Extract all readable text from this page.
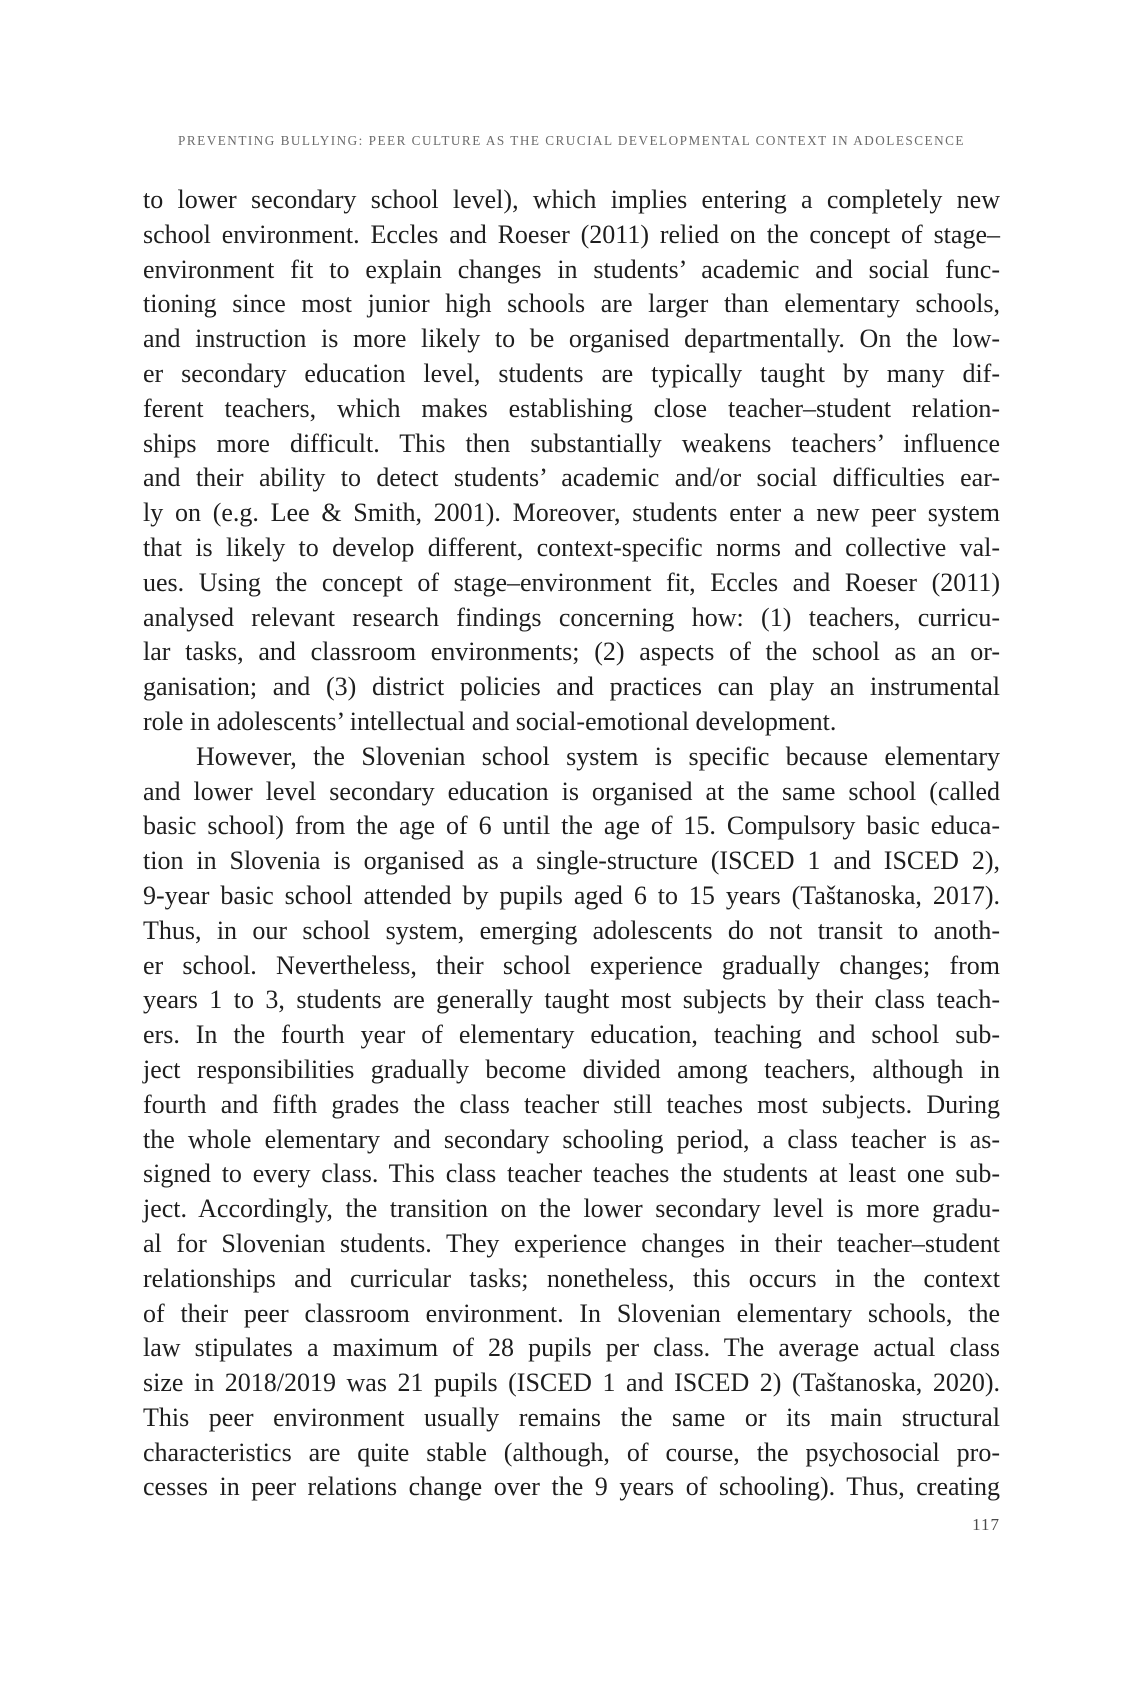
PREVENTING BULLYING: PEER CULTURE AS THE CRUCIAL DEVELOPMENTAL CONTEXT IN ADOLESCENCE
to lower secondary school level), which implies entering a completely new
school environment. Eccles and Roeser (2011) relied on the concept of stage–
environment fit to explain changes in students’ academic and social func-
tioning since most junior high schools are larger than elementary schools,
and instruction is more likely to be organised departmentally. On the low-
er secondary education level, students are typically taught by many dif-
ferent teachers, which makes establishing close teacher–student relation-
ships more difficult. This then substantially weakens teachers’ influence
and their ability to detect students’ academic and/or social difficulties ear-
ly on (e.g. Lee & Smith, 2001). Moreover, students enter a new peer system
that is likely to develop different, context-specific norms and collective val-
ues. Using the concept of stage–environment fit, Eccles and Roeser (2011)
analysed relevant research findings concerning how: (1) teachers, curricu-
lar tasks, and classroom environments; (2) aspects of the school as an or-
ganisation; and (3) district policies and practices can play an instrumental
role in adolescents’ intellectual and social-emotional development.
However, the Slovenian school system is specific because elementary
and lower level secondary education is organised at the same school (called
basic school) from the age of 6 until the age of 15. Compulsory basic educa-
tion in Slovenia is organised as a single-structure (ISCED 1 and ISCED 2),
9-year basic school attended by pupils aged 6 to 15 years (Taštanoska, 2017).
Thus, in our school system, emerging adolescents do not transit to anoth-
er school. Nevertheless, their school experience gradually changes; from
years 1 to 3, students are generally taught most subjects by their class teach-
ers. In the fourth year of elementary education, teaching and school sub-
ject responsibilities gradually become divided among teachers, although in
fourth and fifth grades the class teacher still teaches most subjects. During
the whole elementary and secondary schooling period, a class teacher is as-
signed to every class. This class teacher teaches the students at least one sub-
ject. Accordingly, the transition on the lower secondary level is more gradu-
al for Slovenian students. They experience changes in their teacher–student
relationships and curricular tasks; nonetheless, this occurs in the context
of their peer classroom environment. In Slovenian elementary schools, the
law stipulates a maximum of 28 pupils per class. The average actual class
size in 2018/2019 was 21 pupils (ISCED 1 and ISCED 2) (Taštanoska, 2020).
This peer environment usually remains the same or its main structural
characteristics are quite stable (although, of course, the psychosocial pro-
cesses in peer relations change over the 9 years of schooling). Thus, creating
117
